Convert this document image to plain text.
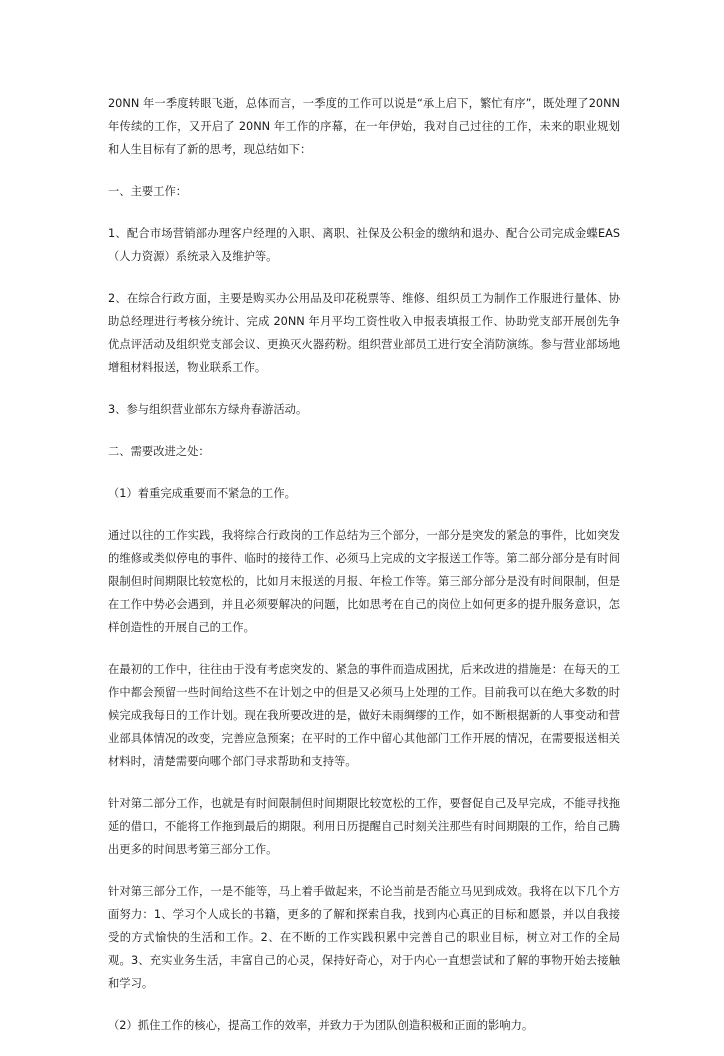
20NN 年一季度转眼飞逝，总体而言，一季度的工作可以说是“承上启下，繁忙有序”，既处理了20NN 年传续的工作，又开启了 20NN 年工作的序幕，在一年伊始，我对自己过往的工作，未来的职业规划和人生目标有了新的思考，现总结如下：

一、主要工作：

1、配合市场营销部办理客户经理的入职、离职、社保及公积金的缴纳和退办、配合公司完成金蝶EAS（人力资源）系统录入及维护等。

2、在综合行政方面，主要是购买办公用品及印花税票等、维修、组织员工为制作工作服进行量体、协助总经理进行考核分统计、完成 20NN 年月平均工资性收入申报表填报工作、协助党支部开展创先争优点评活动及组织党支部会议、更换灭火器药粉。组织营业部员工进行安全消防演练。参与营业部场地增租材料报送，物业联系工作。

3、参与组织营业部东方绿舟春游活动。

二、需要改进之处：

（1）着重完成重要而不紧急的工作。

通过以往的工作实践，我将综合行政岗的工作总结为三个部分，一部分是突发的紧急的事件，比如突发的维修或类似停电的事件、临时的接待工作、必须马上完成的文字报送工作等。第二部分部分是有时间限制但时间期限比较宽松的，比如月末报送的月报、年检工作等。第三部分部分是没有时间限制，但是在工作中势必会遇到，并且必须要解决的问题，比如思考在自己的岗位上如何更多的提升服务意识，怎样创造性的开展自己的工作。

在最初的工作中，往往由于没有考虑突发的、紧急的事件而造成困扰，后来改进的措施是：在每天的工作中都会预留一些时间给这些不在计划之中的但是又必须马上处理的工作。目前我可以在绝大多数的时候完成我每日的工作计划。现在我所要改进的是，做好未雨绸缪的工作，如不断根据新的人事变动和营业部具体情况的改变，完善应急预案；在平时的工作中留心其他部门工作开展的情况，在需要报送相关材料时，清楚需要向哪个部门寻求帮助和支持等。

针对第二部分工作，也就是有时间限制但时间期限比较宽松的工作，要督促自己及早完成，不能寻找拖延的借口，不能将工作拖到最后的期限。利用日历提醒自己时刻关注那些有时间期限的工作，给自己腾出更多的时间思考第三部分工作。

针对第三部分工作，一是不能等，马上着手做起来，不论当前是否能立马见到成效。我将在以下几个方面努力：1、学习个人成长的书籍，更多的了解和探索自我，找到内心真正的目标和愿景，并以自我接受的方式愉快的生活和工作。2、在不断的工作实践积累中完善自己的职业目标，树立对工作的全局观。3、充实业务生活，丰富自己的心灵，保持好奇心，对于内心一直想尝试和了解的事物开始去接触和学习。

（2）抓住工作的核心，提高工作的效率，并致力于为团队创造积极和正面的影响力。
